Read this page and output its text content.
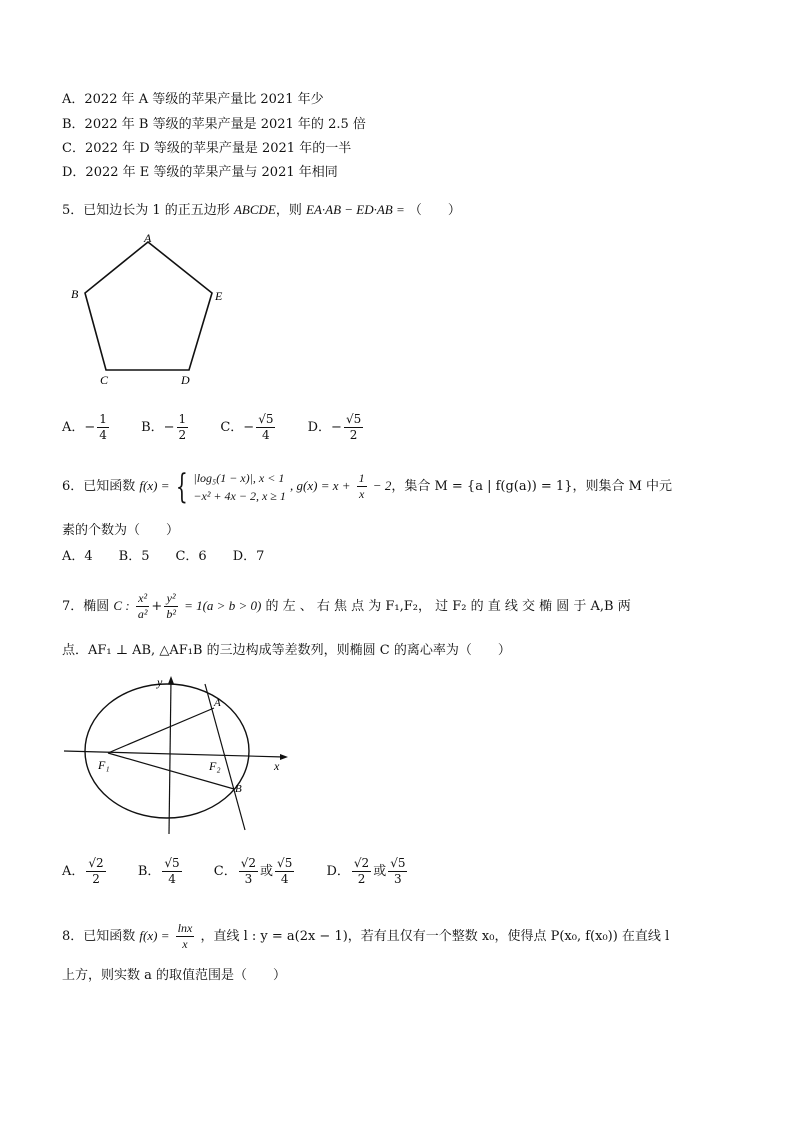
A．2022 年 A 等级的苹果产量比 2021 年少
B．2022 年 B 等级的苹果产量是 2021 年的 2.5 倍
C．2022 年 D 等级的苹果产量是 2021 年的一半
D．2022 年 E 等级的苹果产量与 2021 年相同
5．已知边长为 1 的正五边形 ABCDE，则 EA·AB − ED·AB = （　　）
A
B	E
C	D
A．− $\frac{1}{4}$ B．− $\frac{1}{2}$ C．− $\frac{√5}{4}$ D．− $\frac{√5}{2}$
6．已知函数 f(x) = { |log₅(1 − x)|, x < 1
−x² + 4x − 2, x ≥ 1
, $g(x) = x + \frac{1}{x} - 2$，集合 M = {a | f(g(a)) = 1}，则集合 M 中元
素的个数为（　　）
A．4　　B．5　　C．6　　D．7
7．椭圆 C : $\frac{\text{x²}}{\text{a²}} + \frac{\text{y²}}{\text{b²}} = 1(a > b > 0)$ 的 左 、 右 焦 点 为 F₁,F₂， 过 F₂ 的 直 线 交 椭 圆 于 A,B 两
点．AF₁ ⊥ AB, △AF₁B 的三边构成等差数列，则椭圆 C 的离心率为（　　）
y
x
A
B
F₁	F₂
A． $\frac{√2}{2}$ B． $\frac{√5}{4}$ C． $\frac{√2}{3}$ 或 $\frac{√5}{4}$ D． $\frac{√2}{2}$ 或 $\frac{√5}{3}$
8．已知函数 $f(x) = \frac{\ln x}{x}$ ，直线 l : y = a(2x − 1)，若有且仅有一个整数 x₀，使得点 P(x₀, f(x₀)) 在直线 l
上方，则实数 a 的取值范围是（　　）
